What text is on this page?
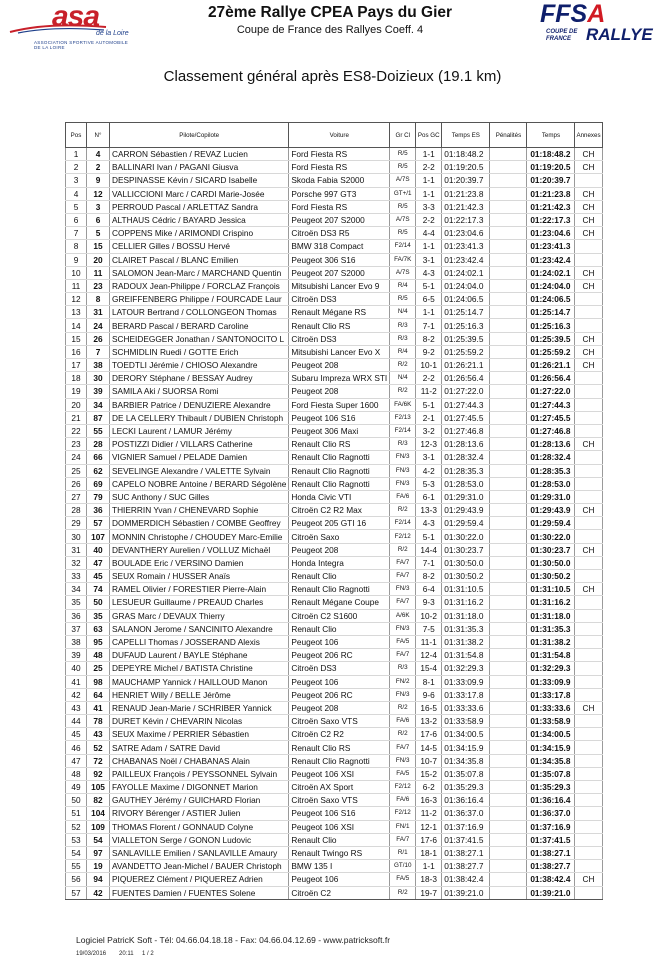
asa
de la Loire
ASSOCIATION SPORTIVE AUTOMOBILE DE LA LOIRE
27ème Rallye CPEA Pays du Gier
Coupe de France des Rallyes Coeff. 4
FFSA
COUPE DE FRANCE RALLYE
Classement général après ES8-Doizieux (19.1 km)
Pos	N°	Pilote/Copilote	Voiture	Gr Cl	Pos GC	Temps ES	Pénalités	Temps	Annexes
1	4	CARRON Sébastien / REVAZ Lucien	Ford Fiesta RS	R/5	1-1	01:18:48.2		01:18:48.2	CH
2	2	BALLINARI Ivan / PAGANI Giusva	Ford Fiesta RS	R/5	2-2	01:19:20.5		01:19:20.5	CH
3	9	DESPINASSE Kévin / SICARD Isabelle	Skoda Fabia S2000	A/7S	1-1	01:20:39.7		01:20:39.7	
4	12	VALLICCIONI Marc / CARDI Marie-Josée	Porsche 997 GT3	GT+/1	1-1	01:21:23.8		01:21:23.8	CH
5	3	PERROUD Pascal / ARLETTAZ Sandra	Ford Fiesta RS	R/5	3-3	01:21:42.3		01:21:42.3	CH
6	6	ALTHAUS Cédric / BAYARD Jessica	Peugeot 207 S2000	A/7S	2-2	01:22:17.3		01:22:17.3	CH
7	5	COPPENS Mike / ARIMONDI Crispino	Citroën DS3 R5	R/5	4-4	01:23:04.6		01:23:04.6	CH
8	15	CELLIER Gilles / BOSSU Hervé	BMW 318 Compact	F2/14	1-1	01:23:41.3		01:23:41.3	
9	20	CLAIRET Pascal / BLANC Emilien	Peugeot 306 S16	FA/7K	3-1	01:23:42.4		01:23:42.4	
10	11	SALOMON Jean-Marc / MARCHAND Quentin	Peugeot 207 S2000	A/7S	4-3	01:24:02.1		01:24:02.1	CH
11	23	RADOUX Jean-Philippe / FORCLAZ François	Mitsubishi Lancer Evo 9	R/4	5-1	01:24:04.0		01:24:04.0	CH
12	8	GREIFFENBERG Philippe / FOURCADE Laur	Citroën DS3	R/5	6-5	01:24:06.5		01:24:06.5	
13	31	LATOUR Bertrand / COLLONGEON Thomas	Renault Mégane RS	N/4	1-1	01:25:14.7		01:25:14.7	
14	24	BERARD Pascal / BERARD Caroline	Renault Clio RS	R/3	7-1	01:25:16.3		01:25:16.3	
15	26	SCHEIDEGGER Jonathan / SANTONOCITO L	Citroën DS3	R/3	8-2	01:25:39.5		01:25:39.5	CH
16	7	SCHMIDLIN Ruedi / GOTTE Erich	Mitsubishi Lancer Evo X	R/4	9-2	01:25:59.2		01:25:59.2	CH
17	38	TOEDTLI Jérémie / CHIOSO Alexandre	Peugeot 208	R/2	10-1	01:26:21.1		01:26:21.1	CH
18	30	DERORY Stéphane / BESSAY Audrey	Subaru Impreza WRX STI	N/4	2-2	01:26:56.4		01:26:56.4	
19	39	SAMILA Aki / SUORSA Romi	Peugeot 208	R/2	11-2	01:27:22.0		01:27:22.0	
20	34	BARBIER Patrice / DENUZIERE Alexandre	Ford Fiesta Super 1600	FA/6K	5-1	01:27:44.3		01:27:44.3	
21	87	DE LA CELLERY Thibault / DUBIEN Christoph	Peugeot 106 S16	F2/13	2-1	01:27:45.5		01:27:45.5	
22	55	LECKI Laurent / LAMUR Jérémy	Peugeot 306 Maxi	F2/14	3-2	01:27:46.8		01:27:46.8	
23	28	POSTIZZI Didier / VILLARS Catherine	Renault Clio RS	R/3	12-3	01:28:13.6		01:28:13.6	CH
24	66	VIGNIER Samuel / PELADE Damien	Renault Clio Ragnotti	FN/3	3-1	01:28:32.4		01:28:32.4	
25	62	SEVELINGE Alexandre / VALETTE Sylvain	Renault Clio Ragnotti	FN/3	4-2	01:28:35.3		01:28:35.3	
26	69	CAPELO NOBRE Antoine / BERARD Ségolène	Renault Clio Ragnotti	FN/3	5-3	01:28:53.0		01:28:53.0	
27	79	SUC Anthony / SUC Gilles	Honda Civic VTI	FA/6	6-1	01:29:31.0		01:29:31.0	
28	36	THIERRIN Yvan / CHENEVARD Sophie	Citroën C2 R2 Max	R/2	13-3	01:29:43.9		01:29:43.9	CH
29	57	DOMMERDICH Sébastien / COMBE Geoffrey	Peugeot 205 GTI 16	F2/14	4-3	01:29:59.4		01:29:59.4	
30	107	MONNIN Christophe / CHOUDEY Marc-Emilie	Citroën Saxo	F2/12	5-1	01:30:22.0		01:30:22.0	
31	40	DEVANTHERY Aurelien / VOLLUZ Michaël	Peugeot 208	R/2	14-4	01:30:23.7		01:30:23.7	CH
32	47	BOULADE Eric / VERSINO Damien	Honda Integra	FA/7	7-1	01:30:50.0		01:30:50.0	
33	45	SEUX Romain / HUSSER Anaïs	Renault Clio	FA/7	8-2	01:30:50.2		01:30:50.2	
34	74	RAMEL Olivier / FORESTIER Pierre-Alain	Renault Clio Ragnotti	FN/3	6-4	01:31:10.5		01:31:10.5	CH
35	50	LESUEUR Guillaume / PREAUD Charles	Renault Mégane Coupe	FA/7	9-3	01:31:16.2		01:31:16.2	
36	35	GRAS Marc / DEVAUX Thierry	Citroën C2 S1600	A/6K	10-2	01:31:18.0		01:31:18.0	
37	63	SALANON Jerome / SANCINITO Alexandre	Renault Clio	FN/3	7-5	01:31:35.3		01:31:35.3	
38	95	CAPELLI Thomas / JOSSERAND Alexis	Peugeot 106	FA/5	11-1	01:31:38.2		01:31:38.2	
39	48	DUFAUD Laurent / BAYLE Stéphane	Peugeot 206 RC	FA/7	12-4	01:31:54.8		01:31:54.8	
40	25	DEPEYRE Michel / BATISTA Christine	Citroën DS3	R/3	15-4	01:32:29.3		01:32:29.3	
41	98	MAUCHAMP Yannick / HAILLOUD Manon	Peugeot 106	FN/2	8-1	01:33:09.9		01:33:09.9	
42	64	HENRIET Willy / BELLE Jérôme	Peugeot 206 RC	FN/3	9-6	01:33:17.8		01:33:17.8	
43	41	RENAUD Jean-Marie / SCHRIBER Yannick	Peugeot 208	R/2	16-5	01:33:33.6		01:33:33.6	CH
44	78	DURET Kévin / CHEVARIN Nicolas	Citroën Saxo VTS	FA/6	13-2	01:33:58.9		01:33:58.9	
45	43	SEUX Maxime / PERRIER Sébastien	Citroën C2 R2	R/2	17-6	01:34:00.5		01:34:00.5	
46	52	SATRE Adam / SATRE David	Renault Clio RS	FA/7	14-5	01:34:15.9		01:34:15.9	
47	72	CHABANAS Noël / CHABANAS Alain	Renault Clio Ragnotti	FN/3	10-7	01:34:35.8		01:34:35.8	
48	92	PAILLEUX François / PEYSSONNEL Sylvain	Peugeot 106 XSI	FA/5	15-2	01:35:07.8		01:35:07.8	
49	105	FAYOLLE Maxime / DIGONNET Marion	Citroën AX Sport	F2/12	6-2	01:35:29.3		01:35:29.3	
50	82	GAUTHEY Jérémy / GUICHARD Florian	Citroën Saxo VTS	FA/6	16-3	01:36:16.4		01:36:16.4	
51	104	RIVORY Bérenger / ASTIER Julien	Peugeot 106 S16	F2/12	11-2	01:36:37.0		01:36:37.0	
52	109	THOMAS Florent / GONNAUD Colyne	Peugeot 106 XSI	FN/1	12-1	01:37:16.9		01:37:16.9	
53	54	VIALLETON Serge / GONON Ludovic	Renault Clio	FA/7	17-6	01:37:41.5		01:37:41.5	
54	97	SANLAVILLE Emilien / SANLAVILLE Amaury	Renault Twingo RS	R/1	18-1	01:38:27.1		01:38:27.1	
55	19	AVANDETTO Jean-Michel / BAUER Christoph	BMW 135 I	GT/10	1-1	01:38:27.7		01:38:27.7	
56	94	PIQUEREZ Clément / PIQUEREZ Adrien	Peugeot 106	FA/5	18-3	01:38:42.4		01:38:42.4	CH
57	42	FUENTES Damien / FUENTES Solene	Citroën C2	R/2	19-7	01:39:21.0		01:39:21.0	
Logiciel PatricK Soft - Tél: 04.66.04.18.18 - Fax: 04.66.04.12.69 - www.patricksoft.fr
19/03/2016 20:11 1 / 2
